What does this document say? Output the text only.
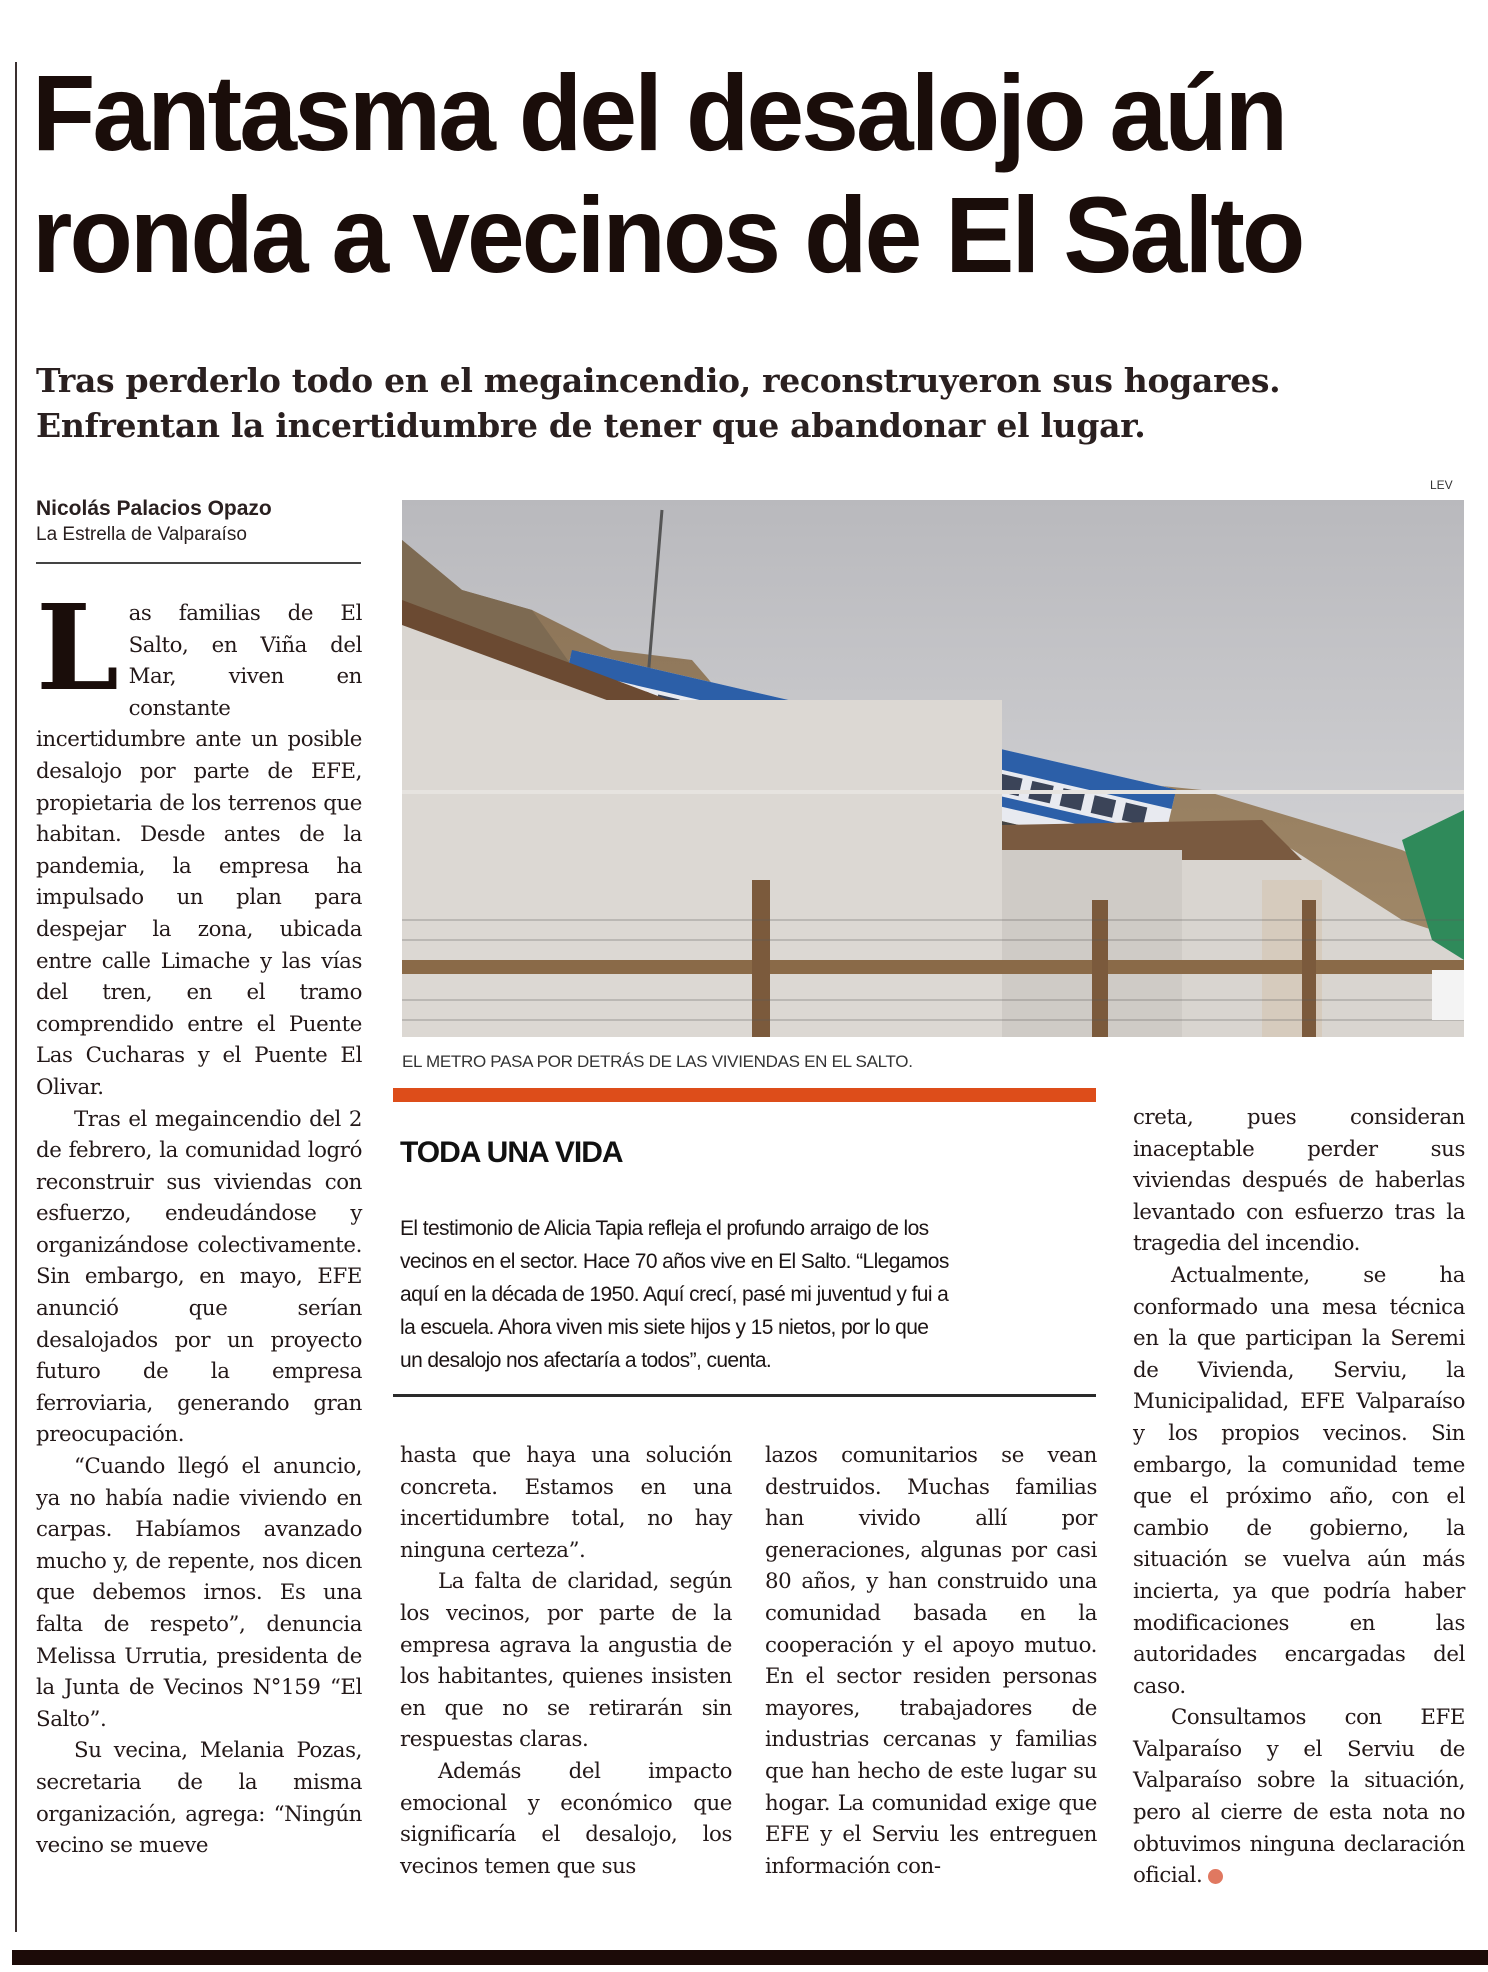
Fantasma del desalojo aún
ronda a vecinos de El Salto
Tras perderlo todo en el megaincendio, reconstruyeron sus hogares.
Enfrentan la incertidumbre de tener que abandonar el lugar.
Nicolás Palacios Opazo
La Estrella de Valparaíso

Las familias de El Salto, en Viña del Mar, viven en constante incertidumbre ante un posible desalojo por parte de EFE, propietaria de los terrenos que habitan. Desde antes de la pandemia, la empresa ha impulsado un plan para despejar la zona, ubicada entre calle Limache y las vías del tren, en el tramo comprendido entre el Puente Las Cucharas y el Puente El Olivar.

Tras el megaincendio del 2 de febrero, la comunidad logró reconstruir sus viviendas con esfuerzo, endeudándose y organizándose colectivamente. Sin embargo, en mayo, EFE anunció que serían desalojados por un proyecto futuro de la empresa ferroviaria, generando gran preocupación.

“Cuando llegó el anuncio, ya no había nadie viviendo en carpas. Habíamos avanzado mucho y, de repente, nos dicen que debemos irnos. Es una falta de respeto”, denuncia Melissa Urrutia, presidenta de la Junta de Vecinos N°159 “El Salto”.

Su vecina, Melania Pozas, secretaria de la misma organización, agrega: “Ningún vecino se mueve

LEV
EL METRO PASA POR DETRÁS DE LAS VIVIENDAS EN EL SALTO.
TODA UNA VIDA
El testimonio de Alicia Tapia refleja el profundo arraigo de los
vecinos en el sector. Hace 70 años vive en El Salto. “Llegamos
aquí en la década de 1950. Aquí crecí, pasé mi juventud y fui a
la escuela. Ahora viven mis siete hijos y 15 nietos, por lo que
un desalojo nos afectaría a todos”, cuenta.

hasta que haya una solución concreta. Estamos en una incertidumbre total, no hay ninguna certeza”.

La falta de claridad, según los vecinos, por parte de la empresa agrava la angustia de los habitantes, quienes insisten en que no se retirarán sin respuestas claras.

Además del impacto emocional y económico que significaría el desalojo, los vecinos temen que sus

lazos comunitarios se vean destruidos. Muchas familias han vivido allí por generaciones, algunas por casi 80 años, y han construido una comunidad basada en la cooperación y el apoyo mutuo. En el sector residen personas mayores, trabajadores de industrias cercanas y familias que han hecho de este lugar su hogar. La comunidad exige que EFE y el Serviu les entreguen información con-

creta, pues consideran inaceptable perder sus viviendas después de haberlas levantado con esfuerzo tras la tragedia del incendio.

Actualmente, se ha conformado una mesa técnica en la que participan la Seremi de Vivienda, Serviu, la Municipalidad, EFE Valparaíso y los propios vecinos. Sin embargo, la comunidad teme que el próximo año, con el cambio de gobierno, la situación se vuelva aún más incierta, ya que podría haber modificaciones en las autoridades encargadas del caso.

Consultamos con EFE Valparaíso y el Serviu de Valparaíso sobre la situación, pero al cierre de esta nota no obtuvimos ninguna declaración oficial.★
